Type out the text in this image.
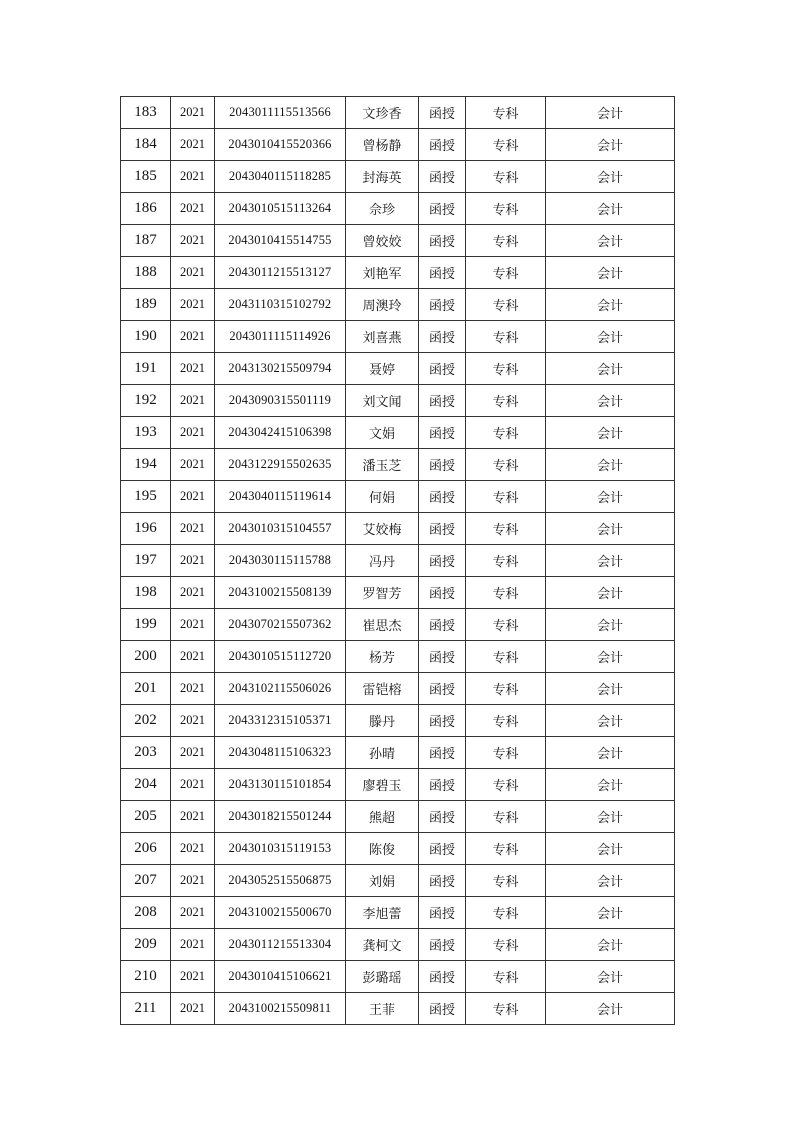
183	2021	2043011115513566	文珍香	函授	专科	会计
184	2021	2043010415520366	曾杨静	函授	专科	会计
185	2021	2043040115118285	封海英	函授	专科	会计
186	2021	2043010515113264	佘珍	函授	专科	会计
187	2021	2043010415514755	曾姣姣	函授	专科	会计
188	2021	2043011215513127	刘艳军	函授	专科	会计
189	2021	2043110315102792	周澳玲	函授	专科	会计
190	2021	2043011115114926	刘喜燕	函授	专科	会计
191	2021	2043130215509794	聂婷	函授	专科	会计
192	2021	2043090315501119	刘文闻	函授	专科	会计
193	2021	2043042415106398	文娟	函授	专科	会计
194	2021	2043122915502635	潘玉芝	函授	专科	会计
195	2021	2043040115119614	何娟	函授	专科	会计
196	2021	2043010315104557	艾姣梅	函授	专科	会计
197	2021	2043030115115788	冯丹	函授	专科	会计
198	2021	2043100215508139	罗智芳	函授	专科	会计
199	2021	2043070215507362	崔思杰	函授	专科	会计
200	2021	2043010515112720	杨芳	函授	专科	会计
201	2021	2043102115506026	雷铠榕	函授	专科	会计
202	2021	2043312315105371	滕丹	函授	专科	会计
203	2021	2043048115106323	孙晴	函授	专科	会计
204	2021	2043130115101854	廖碧玉	函授	专科	会计
205	2021	2043018215501244	熊超	函授	专科	会计
206	2021	2043010315119153	陈俊	函授	专科	会计
207	2021	2043052515506875	刘娟	函授	专科	会计
208	2021	2043100215500670	李旭蕾	函授	专科	会计
209	2021	2043011215513304	龚柯文	函授	专科	会计
210	2021	2043010415106621	彭璐瑶	函授	专科	会计
211	2021	2043100215509811	王菲	函授	专科	会计
